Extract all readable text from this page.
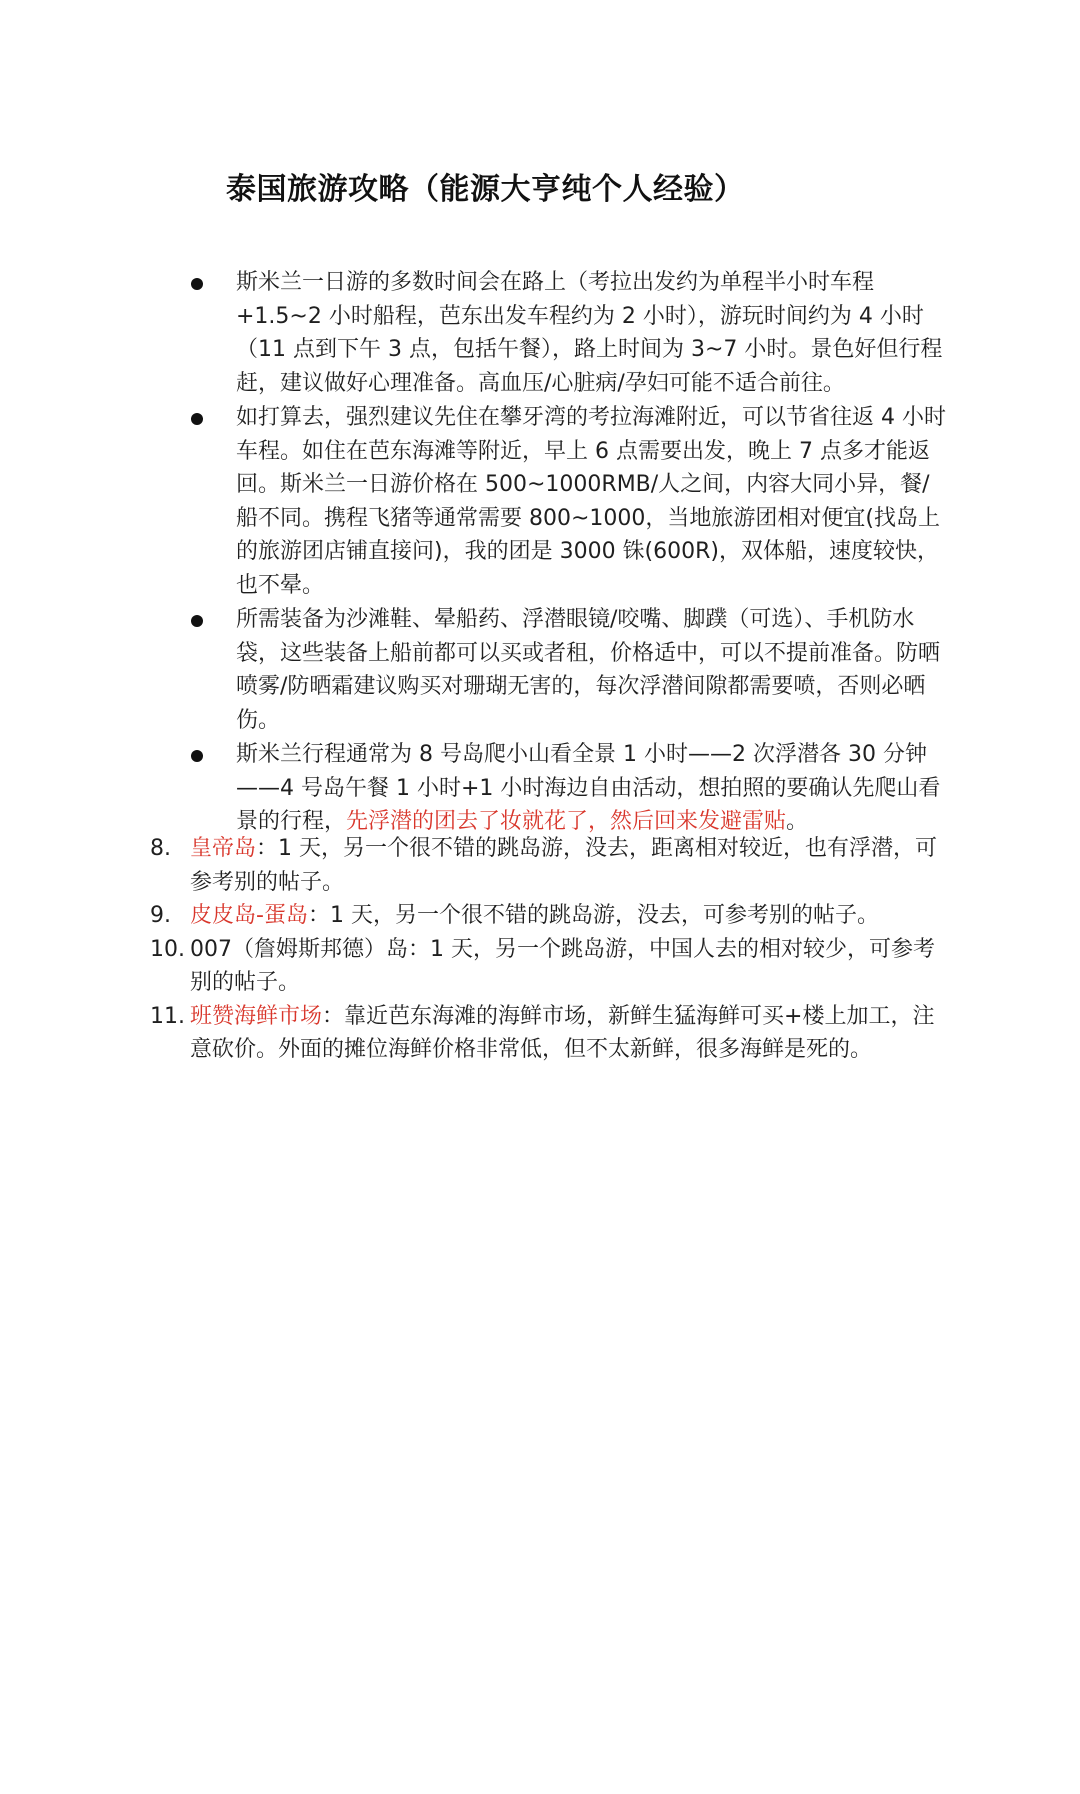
泰国旅游攻略（能源大亨纯个人经验）
斯米兰一日游的多数时间会在路上（考拉出发约为单程半小时车程+1.5~2 小时船程，芭东出发车程约为 2 小时），游玩时间约为 4 小时（11 点到下午 3 点，包括午餐），路上时间为 3~7 小时。景色好但行程赶，建议做好心理准备。高血压/心脏病/孕妇可能不适合前往。
如打算去，强烈建议先住在攀牙湾的考拉海滩附近，可以节省往返 4 小时车程。如住在芭东海滩等附近，早上 6 点需要出发，晚上 7 点多才能返回。斯米兰一日游价格在 500~1000RMB/人之间，内容大同小异，餐/船不同。携程飞猪等通常需要 800~1000，当地旅游团相对便宜(找岛上的旅游团店铺直接问)，我的团是 3000 铢(600R)，双体船，速度较快，也不晕。
所需装备为沙滩鞋、晕船药、浮潜眼镜/咬嘴、脚蹼（可选）、手机防水袋，这些装备上船前都可以买或者租，价格适中，可以不提前准备。防晒喷雾/防晒霜建议购买对珊瑚无害的，每次浮潜间隙都需要喷，否则必晒伤。
斯米兰行程通常为 8 号岛爬小山看全景 1 小时——2 次浮潜各 30 分钟——4 号岛午餐 1 小时+1 小时海边自由活动，想拍照的要确认先爬山看景的行程，先浮潜的团去了妆就花了，然后回来发避雷贴。
8. 皇帝岛：1 天，另一个很不错的跳岛游，没去，距离相对较近，也有浮潜，可参考别的帖子。
9. 皮皮岛-蛋岛：1 天，另一个很不错的跳岛游，没去，可参考别的帖子。
10. 007（詹姆斯邦德）岛：1 天，另一个跳岛游，中国人去的相对较少，可参考别的帖子。
11. 班赞海鲜市场：靠近芭东海滩的海鲜市场，新鲜生猛海鲜可买+楼上加工，注意砍价。外面的摊位海鲜价格非常低，但不太新鲜，很多海鲜是死的。
